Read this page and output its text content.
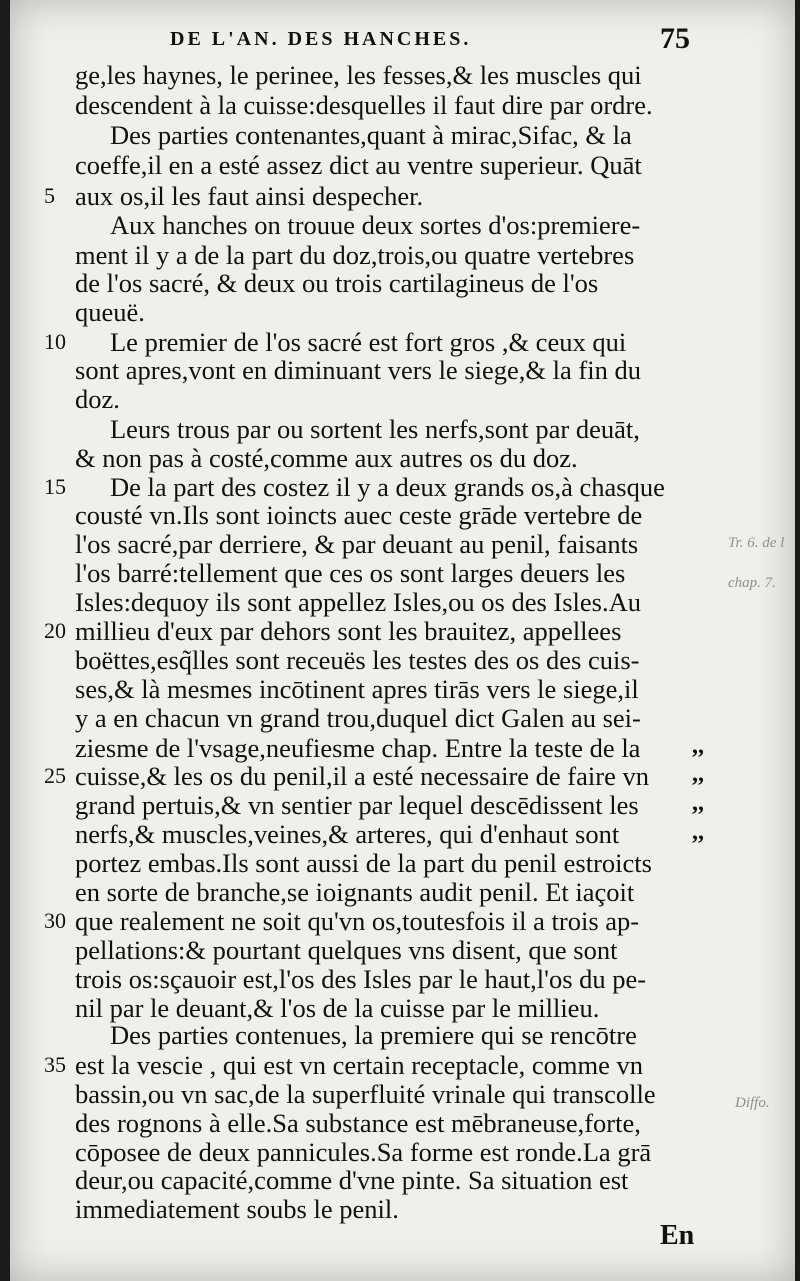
DE L'AN. DES HANCHES.	75
Tr. 6. de l
chap. 7.
Diffo.
ge,les haynes, le perinee, les fesses,& les muscles qui
descendent à la cuisse:desquelles il faut dire par ordre.
Des parties contenantes,quant à mirac,Sifac, & la
coeffe,il en a esté assez dict au ventre superieur. Quāt
aux os,il les faut ainsi despecher.
Aux hanches on trouue deux sortes d'os:premiere-
ment il y a de la part du doz,trois,ou quatre vertebres
de l'os sacré, & deux ou trois cartilagineus de l'os
queuë.
Le premier de l'os sacré est fort gros ,& ceux qui
sont apres,vont en diminuant vers le siege,& la fin du
doz.
Leurs trous par ou sortent les nerfs,sont par deuāt,
& non pas à costé,comme aux autres os du doz.
De la part des costez il y a deux grands os,à chasque
cousté vn.Ils sont ioincts auec ceste grāde vertebre de
l'os sacré,par derriere, & par deuant au penil, faisants
l'os barré:tellement que ces os sont larges deuers les
Isles:dequoy ils sont appellez Isles,ou os des Isles.Au
millieu d'eux par dehors sont les brauitez, appellees
boëttes,esq̃lles sont receuës les testes des os des cuis-
ses,& là mesmes incōtinent apres tirās vers le siege,il
y a en chacun vn grand trou,duquel dict Galen au sei-
ziesme de l'vsage,neufiesme chap. Entre la teste de la
cuisse,& les os du penil,il a esté necessaire de faire vn
grand pertuis,& vn sentier par lequel descēdissent les
nerfs,& muscles,veines,& arteres, qui d'enhaut sont
portez embas.Ils sont aussi de la part du penil estroicts
en sorte de branche,se ioignants audit penil. Et iaçoit
que realement ne soit qu'vn os,toutesfois il a trois ap-
pellations:& pourtant quelques vns disent, que sont
trois os:sçauoir est,l'os des Isles par le haut,l'os du pe-
nil par le deuant,& l'os de la cuisse par le millieu.
Des parties contenues, la premiere qui se rencōtre
est la vescie , qui est vn certain receptacle, comme vn
bassin,ou vn sac,de la superfluité vrinale qui transcolle
des rognons à elle.Sa substance est mēbraneuse,forte,
cōposee de deux pannicules.Sa forme est ronde.La grā
deur,ou capacité,comme d'vne pinte. Sa situation est
immediatement soubs le penil.
5
10
15
20
25
30
35
,,
,,
,,
,,
En
